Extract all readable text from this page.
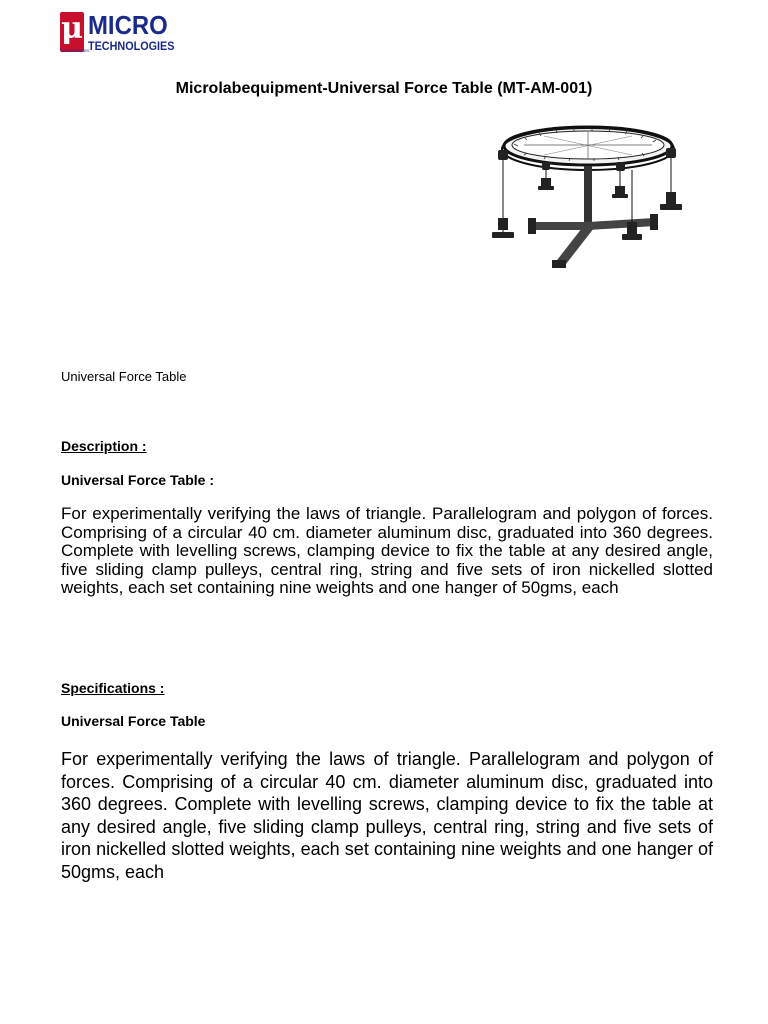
μ
TECHNOLOGIES
MICRO
TECHNOLOGIES
Microlabequipment-Universal Force Table (MT-AM-001)
Universal Force Table
Description :
Universal Force Table :
For experimentally verifying the laws of triangle. Parallelogram and polygon of forces. Comprising of a circular 40 cm. diameter aluminum disc, graduated into 360 degrees. Complete with levelling screws, clamping device to fix the table at any desired angle, five sliding clamp pulleys, central ring, string and five sets of iron nickelled slotted weights, each set containing nine weights and one hanger of 50gms, each
Specifications :
Universal Force Table
For experimentally verifying the laws of triangle. Parallelogram and polygon of forces. Comprising of a circular 40 cm. diameter aluminum disc, graduated into 360 degrees. Complete with levelling screws, clamping device to fix the table at any desired angle, five sliding clamp pulleys, central ring, string and five sets of iron nickelled slotted weights, each set containing nine weights and one hanger of 50gms, each
